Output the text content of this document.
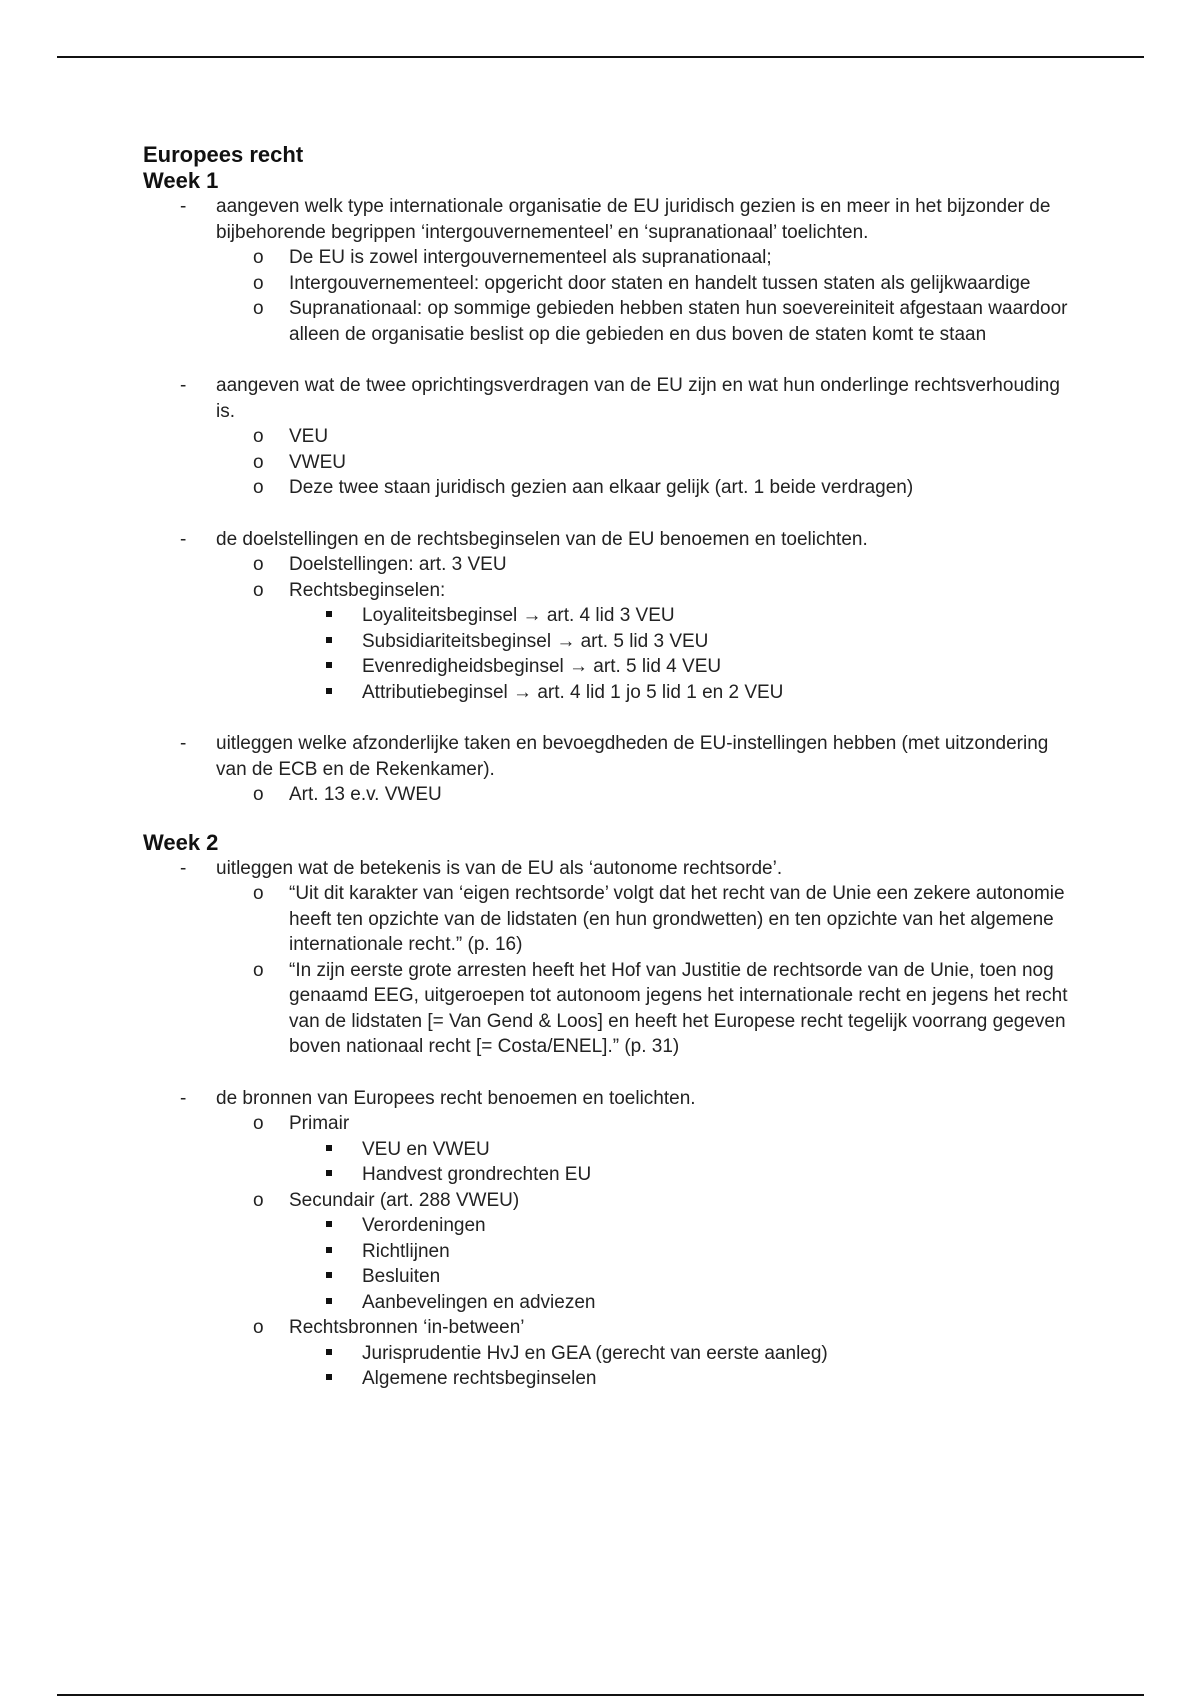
Europees recht
Week 1
- aangeven welk type internationale organisatie de EU juridisch gezien is en meer in het bijzonder de bijbehorende begrippen ‘intergouvernementeel’ en ‘supranationaal’ toelichten.
o De EU is zowel intergouvernementeel als supranationaal;
o Intergouvernementeel: opgericht door staten en handelt tussen staten als gelijkwaardige
o Supranationaal: op sommige gebieden hebben staten hun soevereiniteit afgestaan waardoor alleen de organisatie beslist op die gebieden en dus boven de staten komt te staan
- aangeven wat de twee oprichtingsverdragen van de EU zijn en wat hun onderlinge rechtsverhouding is.
o VEU
o VWEU
o Deze twee staan juridisch gezien aan elkaar gelijk (art. 1 beide verdragen)
- de doelstellingen en de rechtsbeginselen van de EU benoemen en toelichten.
o Doelstellingen: art. 3 VEU
o Rechtsbeginselen:
Loyaliteitsbeginsel → art. 4 lid 3 VEU
Subsidiariteitsbeginsel → art. 5 lid 3 VEU
Evenredigheidsbeginsel → art. 5 lid 4 VEU
Attributiebeginsel → art. 4 lid 1 jo 5 lid 1 en 2 VEU
- uitleggen welke afzonderlijke taken en bevoegdheden de EU-instellingen hebben (met uitzondering van de ECB en de Rekenkamer).
o Art. 13 e.v. VWEU
Week 2
- uitleggen wat de betekenis is van de EU als ‘autonome rechtsorde’.
o “Uit dit karakter van ‘eigen rechtsorde’ volgt dat het recht van de Unie een zekere autonomie heeft ten opzichte van de lidstaten (en hun grondwetten) en ten opzichte van het algemene internationale recht.” (p. 16)
o “In zijn eerste grote arresten heeft het Hof van Justitie de rechtsorde van de Unie, toen nog genaamd EEG, uitgeroepen tot autonoom jegens het internationale recht en jegens het recht van de lidstaten [= Van Gend & Loos] en heeft het Europese recht tegelijk voorrang gegeven boven nationaal recht [= Costa/ENEL].” (p. 31)
- de bronnen van Europees recht benoemen en toelichten.
o Primair
VEU en VWEU
Handvest grondrechten EU
o Secundair (art. 288 VWEU)
Verordeningen
Richtlijnen
Besluiten
Aanbevelingen en adviezen
o Rechtsbronnen ‘in-between’
Jurisprudentie HvJ en GEA (gerecht van eerste aanleg)
Algemene rechtsbeginselen
